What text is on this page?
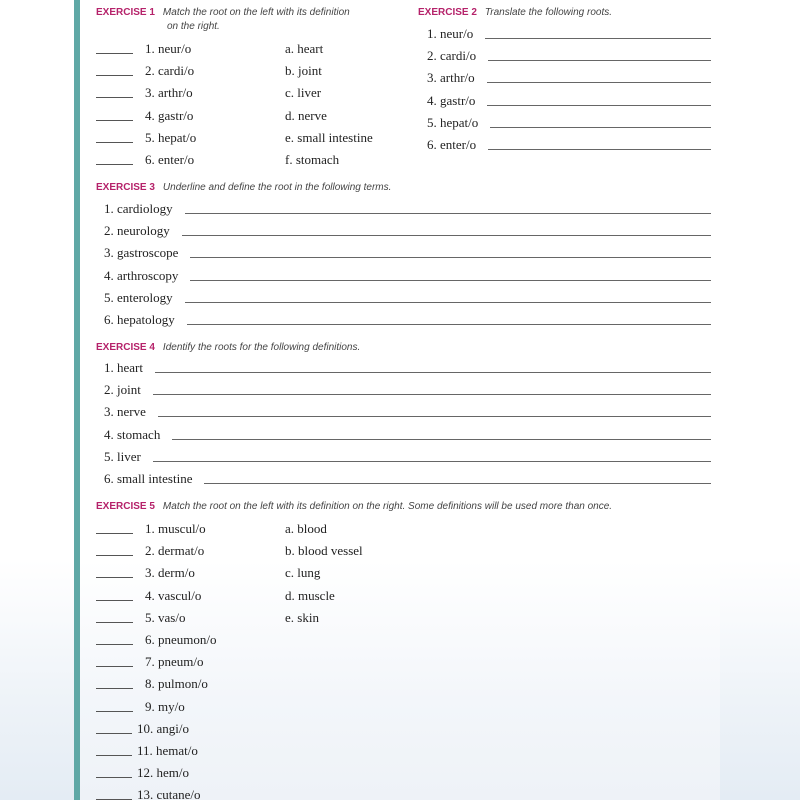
EXERCISE 1 Match the root on the left with its definition
on the right.
1. neur/o
2. cardi/o
3. arthr/o
4. gastr/o
5. hepat/o
6. enter/o
a. heart
b. joint
c. liver
d. nerve
e. small intestine
f. stomach
EXERCISE 2 Translate the following roots.
1. neur/o
2. cardi/o
3. arthr/o
4. gastr/o
5. hepat/o
6. enter/o
EXERCISE 3 Underline and define the root in the following terms.
1. cardiology
2. neurology
3. gastroscope
4. arthroscopy
5. enterology
6. hepatology
EXERCISE 4 Identify the roots for the following definitions.
1. heart
2. joint
3. nerve
4. stomach
5. liver
6. small intestine
EXERCISE 5 Match the root on the left with its definition on the right. Some definitions will be used more than once.
1. muscul/o
2. dermat/o
3. derm/o
4. vascul/o
5. vas/o
6. pneumon/o
7. pneum/o
8. pulmon/o
9. my/o
10. angi/o
11. hemat/o
12. hem/o
13. cutane/o
a. blood
b. blood vessel
c. lung
d. muscle
e. skin
